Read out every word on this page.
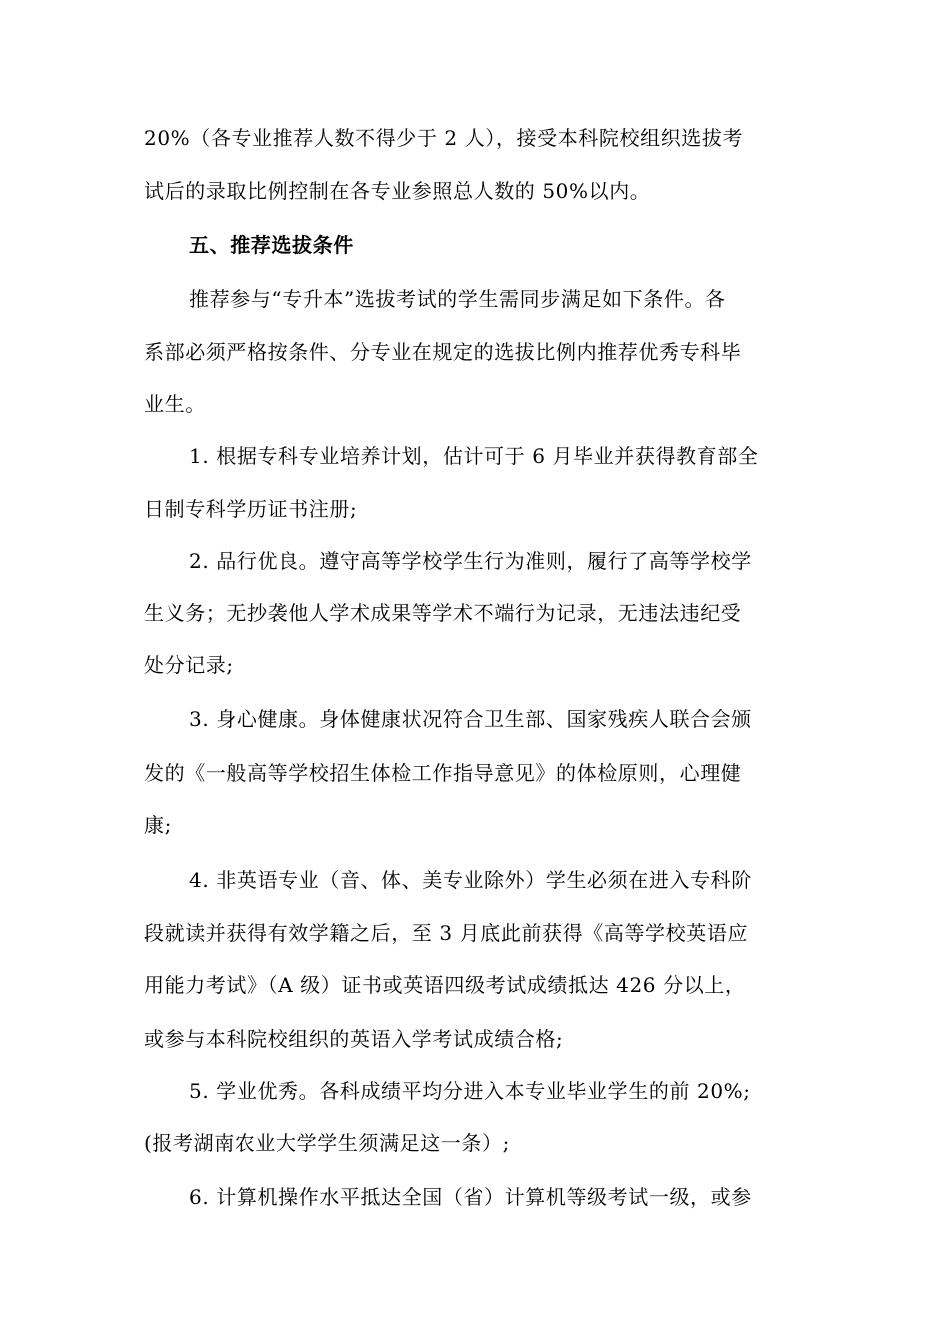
20%（各专业推荐人数不得少于 2 人），接受本科院校组织选拔考
试后的录取比例控制在各专业参照总人数的 50%以内。
五、推荐选拔条件
推荐参与“专升本”选拔考试的学生需同步满足如下条件。各
系部必须严格按条件、分专业在规定的选拔比例内推荐优秀专科毕
业生。
1. 根据专科专业培养计划，估计可于 6 月毕业并获得教育部全
日制专科学历证书注册;
2. 品行优良。遵守高等学校学生行为准则，履行了高等学校学
生义务；无抄袭他人学术成果等学术不端行为记录，无违法违纪受
处分记录;
3. 身心健康。身体健康状况符合卫生部、国家残疾人联合会颁
发的《一般高等学校招生体检工作指导意见》的体检原则，心理健
康;
4. 非英语专业（音、体、美专业除外）学生必须在进入专科阶
段就读并获得有效学籍之后，至 3 月底此前获得《高等学校英语应
用能力考试》（A 级）证书或英语四级考试成绩抵达 426 分以上，
或参与本科院校组织的英语入学考试成绩合格;
5. 学业优秀。各科成绩平均分进入本专业毕业学生的前 20%;
(报考湖南农业大学学生须满足这一条）;
6. 计算机操作水平抵达全国（省）计算机等级考试一级，或参
